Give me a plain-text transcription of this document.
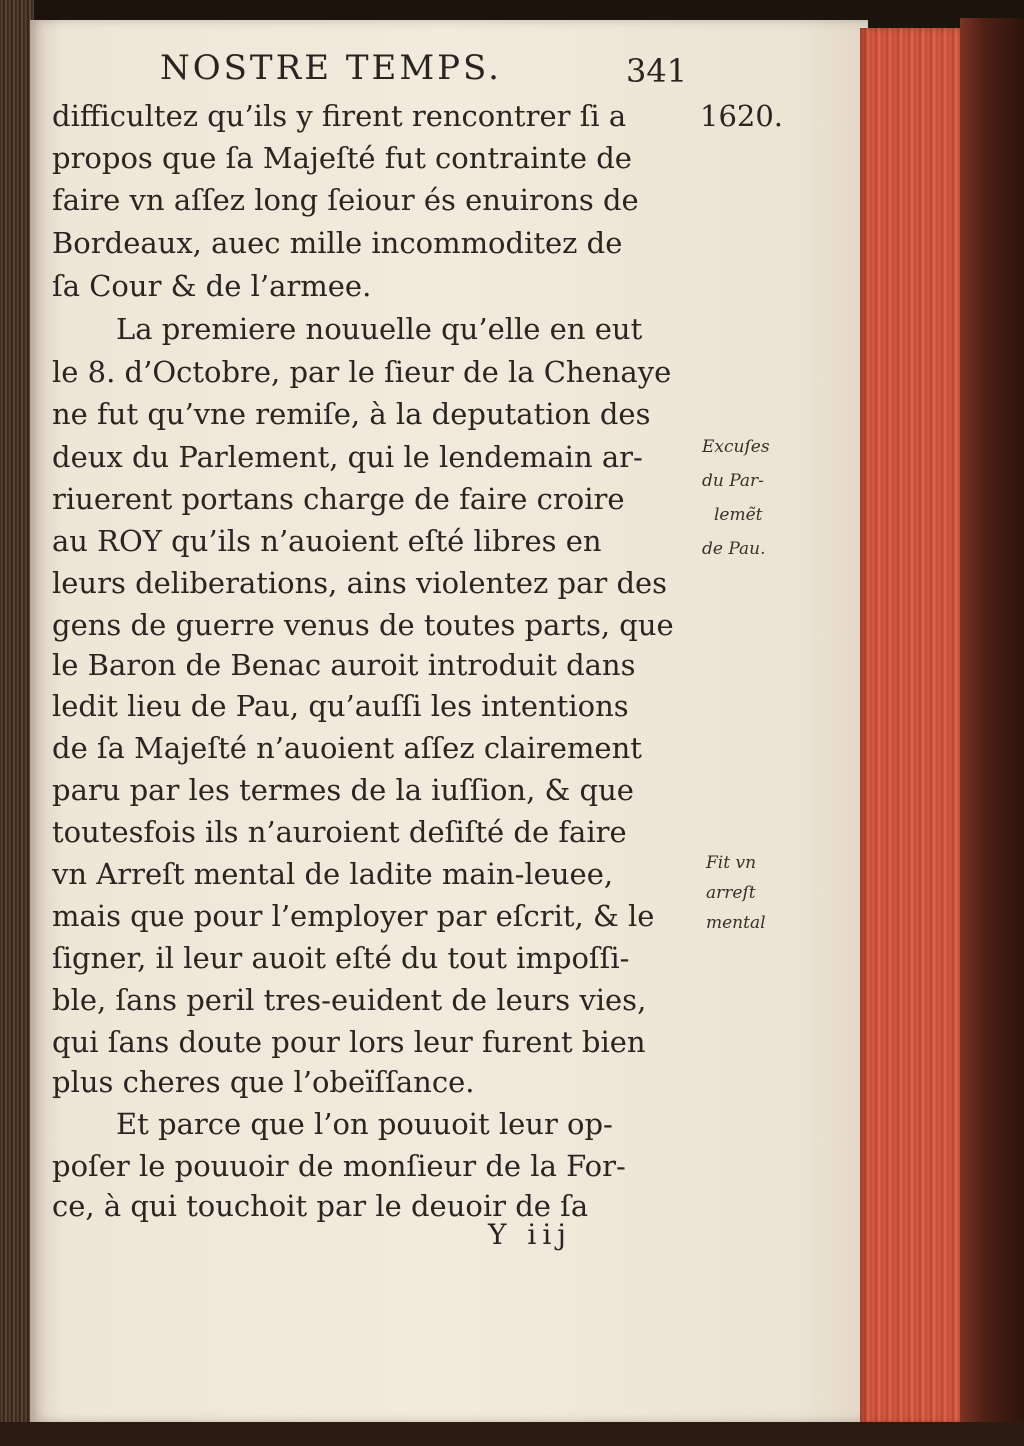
NOSTRE TEMPS.	341
1620.
difficultez qu’ils y firent rencontrer ſi a
propos que ſa Majeſté fut contrainte de
faire vn aſſez long ſeiour és enuirons de
Bordeaux, auec mille incommoditez de
ſa Cour & de l’armee.
La premiere nouuelle qu’elle en eut
le 8. d’Octobre, par le ſieur de la Chenaye
ne fut qu’vne remiſe, à la deputation des
deux du Parlement, qui le lendemain ar-
riuerent portans charge de faire croire
au ROY qu’ils n’auoient eſté libres en
leurs deliberations, ains violentez par des
gens de guerre venus de toutes parts, que
le Baron de Benac auroit introduit dans
ledit lieu de Pau, qu’auſſi les intentions
de ſa Majeſté n’auoient aſſez clairement
paru par les termes de la iuſſion, & que
toutesfois ils n’auroient deſiſté de faire
vn Arreſt mental de ladite main-leuee,
mais que pour l’employer par eſcrit, & le
ſigner, il leur auoit eſté du tout impoſſi-
ble, ſans peril tres-euident de leurs vies,
qui ſans doute pour lors leur furent bien
plus cheres que l’obeïſſance.
Et parce que l’on pouuoit leur op-
poſer le pouuoir de monſieur de la For-
ce, à qui touchoit par le deuoir de ſa
Excuſes
du Par-
lemẽt
de Pau.
Fit vn
arreſt
mental
Y iij
